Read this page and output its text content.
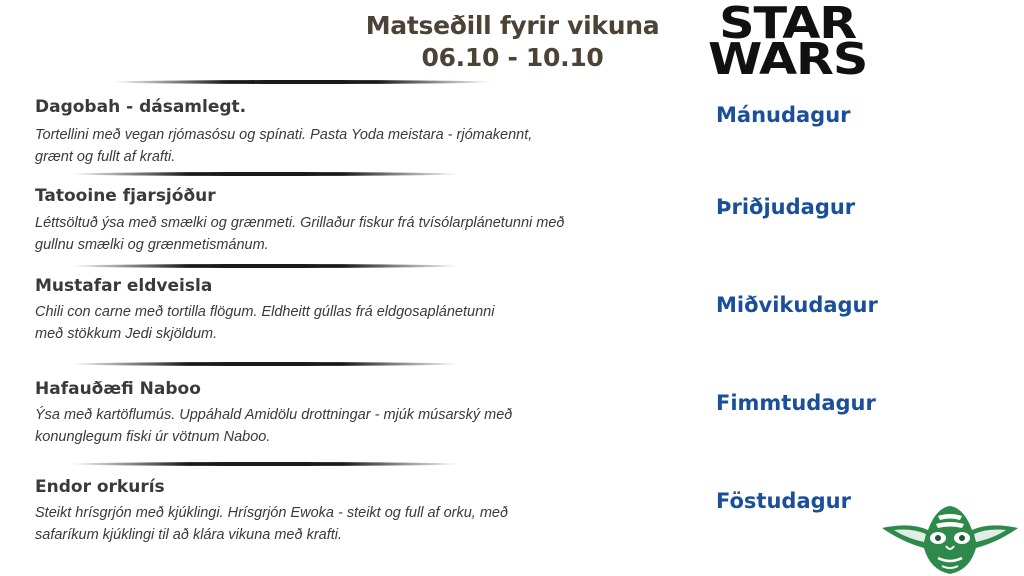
Matseðill fyrir vikuna
06.10 - 10.10
STAR
WARS
Dagobah - dásamlegt.
Tortellini með vegan rjómasósu og spínati. Pasta Yoda meistara - rjómakennt,
grænt og fullt af krafti.
Mánudagur
Tatooine fjarsjóður
Léttsöltuð ýsa með smælki og grænmeti. Grillaður fiskur frá tvísólarplánetunni með
gullnu smælki og grænmetismánum.
Þriðjudagur
Mustafar eldveisla
Chili con carne með tortilla flögum. Eldheitt gúllas frá eldgosaplánetunni
með stökkum Jedi skjöldum.
Miðvikudagur
Hafauðæfi Naboo
Ýsa með kartöflumús. Uppáhald Amidölu drottningar - mjúk músarský með
konunglegum fiski úr vötnum Naboo.
Fimmtudagur
Endor orkurís
Steikt hrísgrjón með kjúklingi. Hrísgrjón Ewoka - steikt og full af orku, með
safaríkum kjúklingi til að klára vikuna með krafti.
Föstudagur
